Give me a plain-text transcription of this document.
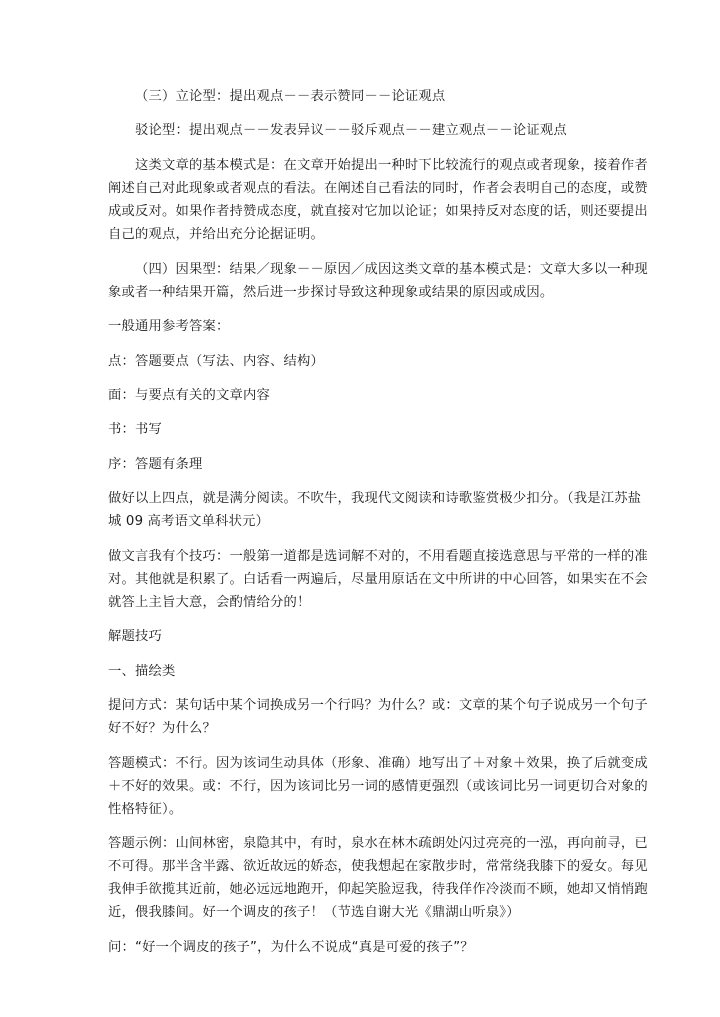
（三）立论型：提出观点－－表示赞同－－论证观点
驳论型：提出观点－－发表异议－－驳斥观点－－建立观点－－论证观点
这类文章的基本模式是：在文章开始提出一种时下比较流行的观点或者现象，接着作者
阐述自己对此现象或者观点的看法。在阐述自己看法的同时，作者会表明自己的态度，或赞
成或反对。如果作者持赞成态度，就直接对它加以论证；如果持反对态度的话，则还要提出
自己的观点，并给出充分论据证明。
（四）因果型：结果／现象－－原因／成因这类文章的基本模式是：文章大多以一种现
象或者一种结果开篇，然后进一步探讨导致这种现象或结果的原因或成因。
一般通用参考答案：
点：答题要点（写法、内容、结构）
面：与要点有关的文章内容
书：书写
序：答题有条理
做好以上四点，就是满分阅读。不吹牛，我现代文阅读和诗歌鉴赏极少扣分。（我是江苏盐
城 09 高考语文单科状元）
做文言我有个技巧：一般第一道都是选词解不对的，不用看题直接选意思与平常的一样的准
对。其他就是积累了。白话看一两遍后，尽量用原话在文中所讲的中心回答，如果实在不会
就答上主旨大意，会酌情给分的！
解题技巧
一、描绘类
提问方式：某句话中某个词换成另一个行吗？为什么？或：文章的某个句子说成另一个句子
好不好？为什么？
答题模式：不行。因为该词生动具体（形象、准确）地写出了＋对象＋效果，换了后就变成
＋不好的效果。或：不行，因为该词比另一词的感情更强烈（或该词比另一词更切合对象的
性格特征）。
答题示例：山间林密，泉隐其中，有时，泉水在林木疏朗处闪过亮亮的一泓，再向前寻，已
不可得。那半含半露、欲近故远的娇态，使我想起在家散步时，常常绕我膝下的爱女。每见
我伸手欲揽其近前，她必远远地跑开，仰起笑脸逗我，待我佯作冷淡而不顾，她却又悄悄跑
近，偎我膝间。好一个调皮的孩子！（节选自谢大光《鼎湖山听泉》）
问：“好一个调皮的孩子”，为什么不说成“真是可爱的孩子”？
